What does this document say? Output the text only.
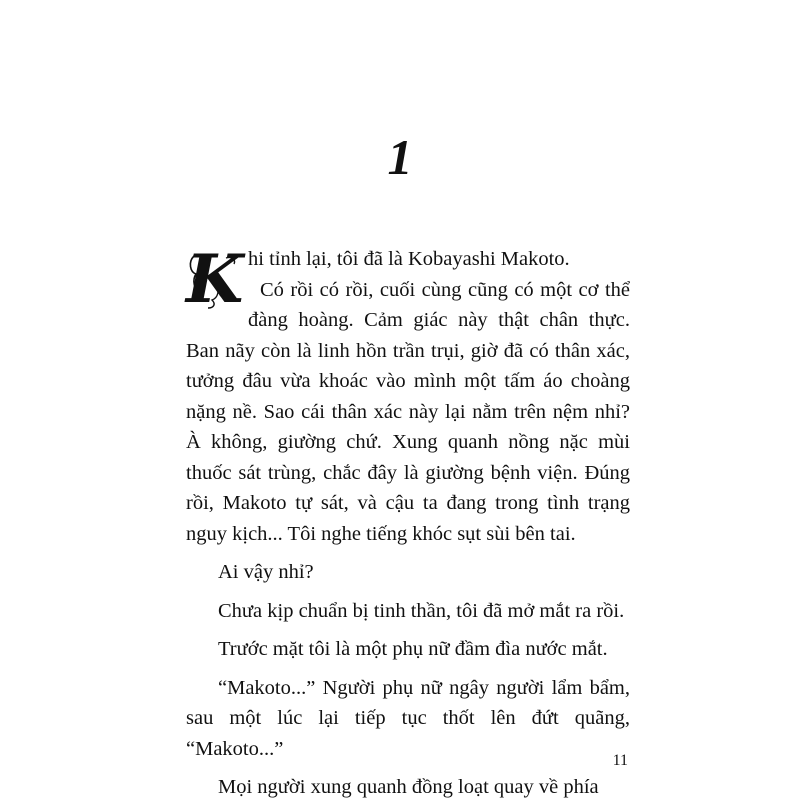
1

K hi tỉnh lại, tôi đã là Kobayashi Makoto.
Có rồi có rồi, cuối cùng cũng có một cơ thể đàng hoàng. Cảm giác này thật chân thực. Ban nãy còn là linh hồn trần trụi, giờ đã có thân xác, tưởng đâu vừa khoác vào mình một tấm áo choàng nặng nề. Sao cái thân xác này lại nằm trên nệm nhỉ? À không, giường chứ. Xung quanh nồng nặc mùi thuốc sát trùng, chắc đây là giường bệnh viện. Đúng rồi, Makoto tự sát, và cậu ta đang trong tình trạng nguy kịch... Tôi nghe tiếng khóc sụt sùi bên tai.

Ai vậy nhỉ?

Chưa kịp chuẩn bị tinh thần, tôi đã mở mắt ra rồi.

Trước mặt tôi là một phụ nữ đầm đìa nước mắt.

“Makoto...” Người phụ nữ ngây người lẩm bẩm, sau một lúc lại tiếp tục thốt lên đứt quãng, “Makoto...”

Mọi người xung quanh đồng loạt quay về phía

11
